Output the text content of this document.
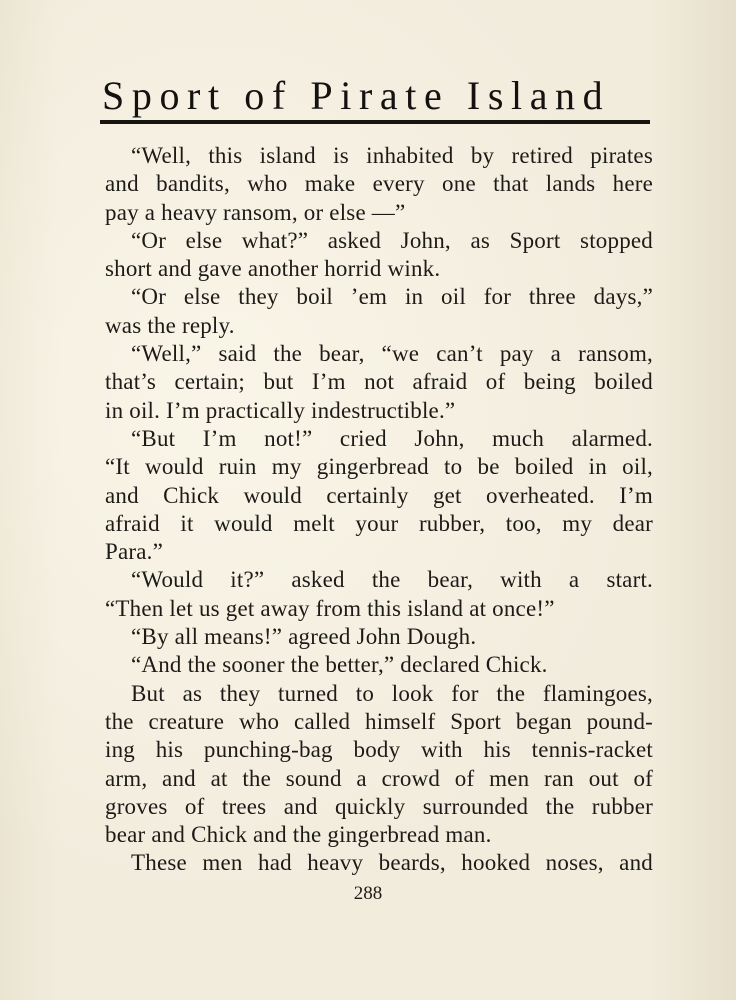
Sport of Pirate Island
“Well, this island is inhabited by retired pirates
and bandits, who make every one that lands here
pay a heavy ransom, or else —”
“Or else what?” asked John, as Sport stopped
short and gave another horrid wink.
“Or else they boil ’em in oil for three days,”
was the reply.
“Well,” said the bear, “we can’t pay a ransom,
that’s certain; but I’m not afraid of being boiled
in oil. I’m practically indestructible.”
“But I’m not!” cried John, much alarmed.
“It would ruin my gingerbread to be boiled in oil,
and Chick would certainly get overheated. I’m
afraid it would melt your rubber, too, my dear
Para.”
“Would it?” asked the bear, with a start.
“Then let us get away from this island at once!”
“By all means!” agreed John Dough.
“And the sooner the better,” declared Chick.
But as they turned to look for the flamingoes,
the creature who called himself Sport began pound-
ing his punching-bag body with his tennis-racket
arm, and at the sound a crowd of men ran out of
groves of trees and quickly surrounded the rubber
bear and Chick and the gingerbread man.
These men had heavy beards, hooked noses, and
288
